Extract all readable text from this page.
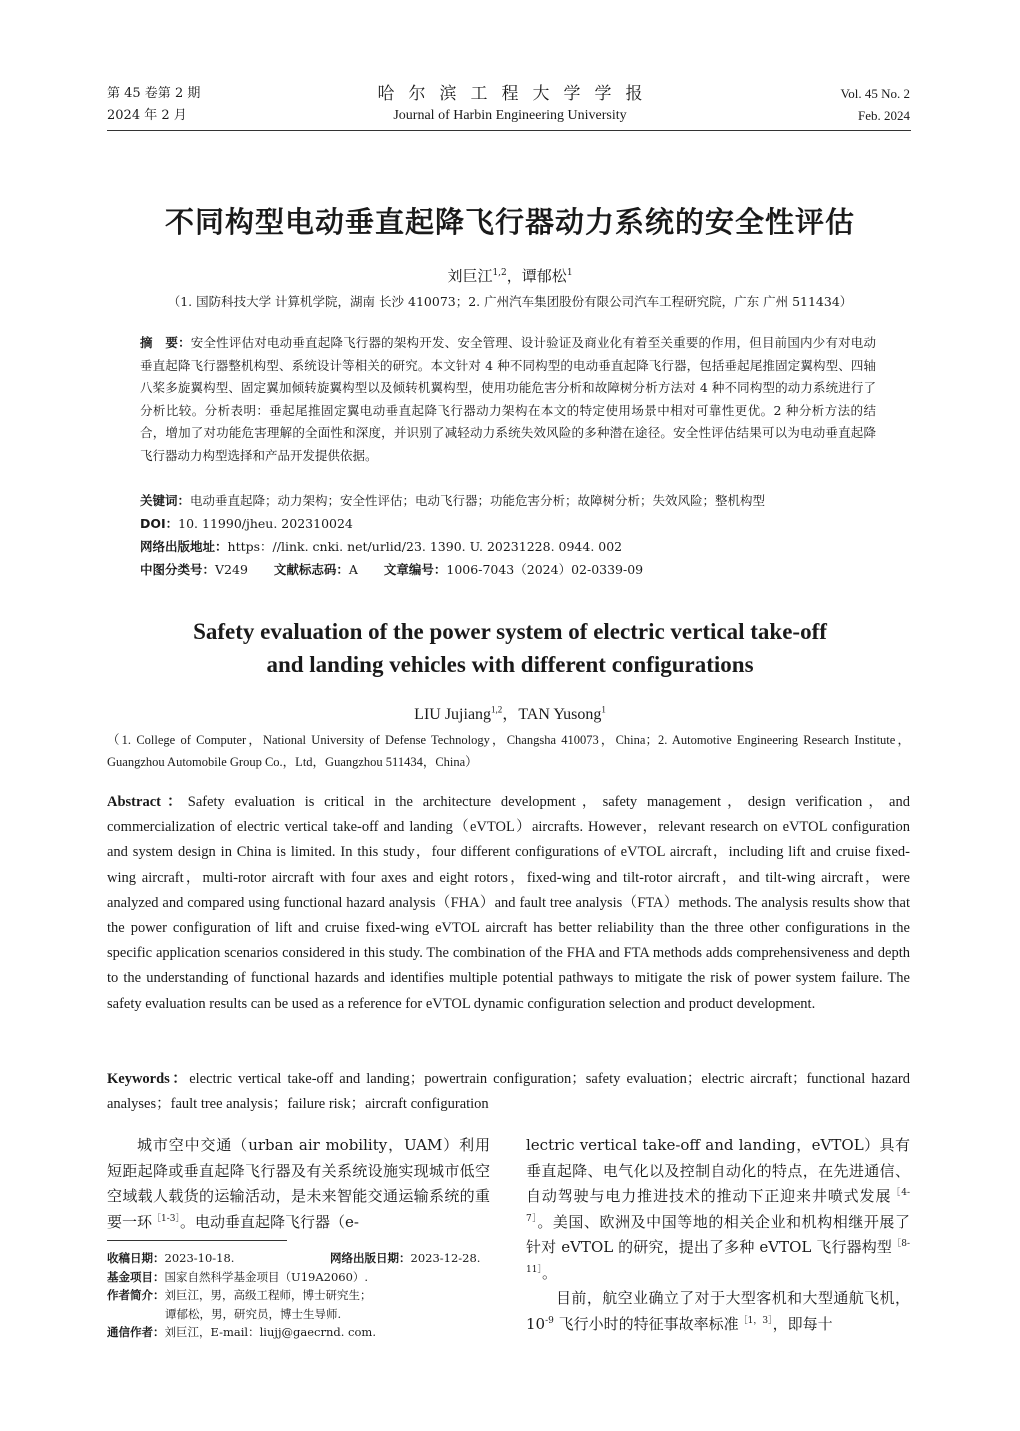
第 45 卷第 2 期
2024 年 2 月
哈尔滨工程大学学报
Journal of Harbin Engineering University
Vol. 45 No. 2
Feb. 2024
不同构型电动垂直起降飞行器动力系统的安全性评估
刘巨江$^{1,2}$，谭郁松$^1$
（1. 国防科技大学 计算机学院，湖南 长沙 410073；2. 广州汽车集团股份有限公司汽车工程研究院，广东 广州 511434）
摘　要：安全性评估对电动垂直起降飞行器的架构开发、安全管理、设计验证及商业化有着至关重要的作用，但目前国内少有对电动垂直起降飞行器整机构型、系统设计等相关的研究。本文针对 4 种不同构型的电动垂直起降飞行器，包括垂起尾推固定翼构型、四轴八桨多旋翼构型、固定翼加倾转旋翼构型以及倾转机翼构型，使用功能危害分析和故障树分析方法对 4 种不同构型的动力系统进行了分析比较。分析表明：垂起尾推固定翼电动垂直起降飞行器动力架构在本文的特定使用场景中相对可靠性更优。2 种分析方法的结合，增加了对功能危害理解的全面性和深度，并识别了减轻动力系统失效风险的多种潜在途径。安全性评估结果可以为电动垂直起降飞行器动力构型选择和产品开发提供依据。
关键词：电动垂直起降；动力架构；安全性评估；电动飞行器；功能危害分析；故障树分析；失效风险；整机构型
DOI：10. 11990/jheu. 202310024
网络出版地址：https：//link. cnki. net/urlid/23. 1390. U. 20231228. 0944. 002
中图分类号：V249 文献标志码：A 文章编号：1006-7043（2024）02-0339-09
Safety evaluation of the power system of electric vertical take-off
and landing vehicles with different configurations
LIU Jujiang$^{1,2}$，TAN Yusong$^1$
（1. College of Computer，National University of Defense Technology，Changsha 410073，China；2. Automotive Engineering Research Institute，Guangzhou Automobile Group Co.，Ltd，Guangzhou 511434，China）
Abstract：Safety evaluation is critical in the architecture development，safety management，design verification，and commercialization of electric vertical take-off and landing（eVTOL）aircrafts. However，relevant research on eVTOL configuration and system design in China is limited. In this study，four different configurations of eVTOL aircraft，including lift and cruise fixed-wing aircraft，multi-rotor aircraft with four axes and eight rotors，fixed-wing and tilt-rotor aircraft，and tilt-wing aircraft，were analyzed and compared using functional hazard analysis（FHA）and fault tree analysis（FTA）methods. The analysis results show that the power configuration of lift and cruise fixed-wing eVTOL aircraft has better reliability than the three other configurations in the specific application scenarios considered in this study. The combination of the FHA and FTA methods adds comprehensiveness and depth to the understanding of functional hazards and identifies multiple potential pathways to mitigate the risk of power system failure. The safety evaluation results can be used as a reference for eVTOL dynamic configuration selection and product development.
Keywords：electric vertical take-off and landing；powertrain configuration；safety evaluation；electric aircraft；functional hazard analyses；fault tree analysis；failure risk；aircraft configuration

城市空中交通（urban air mobility，UAM）利用短距起降或垂直起降飞行器及有关系统设施实现城市低空空域载人载货的运输活动，是未来智能交通运输系统的重要一环$^{[1-3]}$。电动垂直起降飞行器（e-

收稿日期：2023-10-18.	网络出版日期：2023-12-28.
基金项目：国家自然科学基金项目（U19A2060）.
作者简介：刘巨江，男，高级工程师，博士研究生；
谭郁松，男，研究员，博士生导师.
通信作者：刘巨江，E-mail：liujj@gaecrnd. com.

lectric vertical take-off and landing，eVTOL）具有垂直起降、电气化以及控制自动化的特点，在先进通信、自动驾驶与电力推进技术的推动下正迎来井喷式发展$^{[4-7]}$。美国、欧洲及中国等地的相关企业和机构相继开展了针对 eVTOL 的研究，提出了多种 eVTOL 飞行器构型$^{[8-11]}$。

目前，航空业确立了对于大型客机和大型通航飞机，$10^{-9}$ 飞行小时的特征事故率标准$^{[1,3]}$，即每十
